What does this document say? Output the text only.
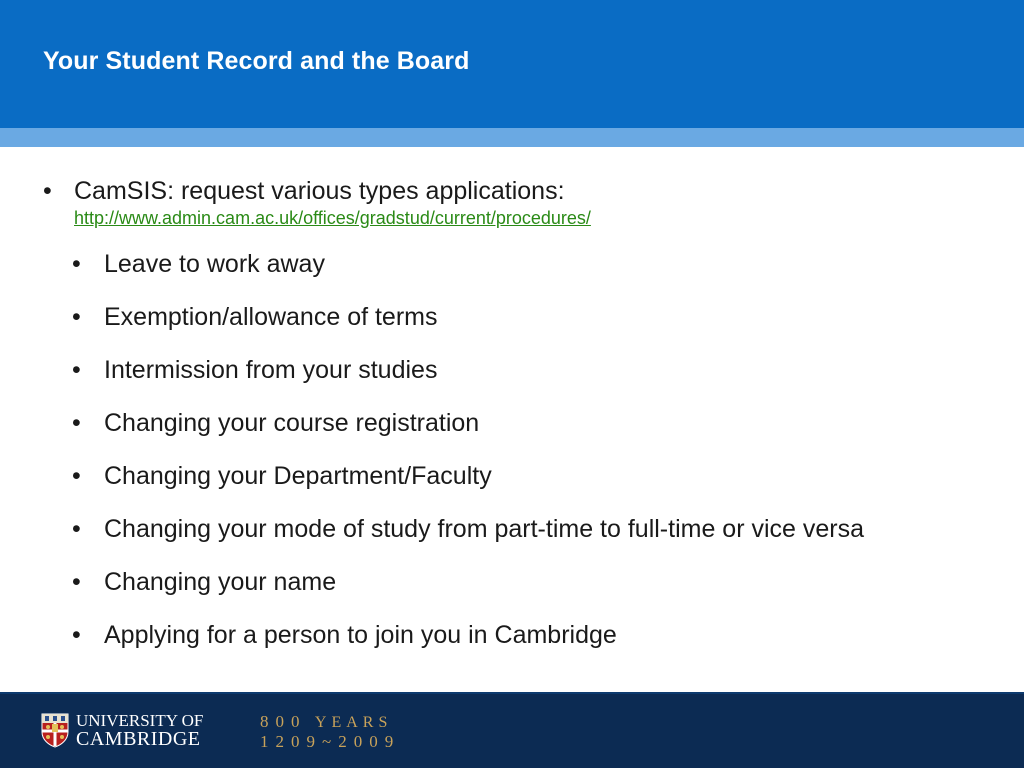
Your Student Record and the Board
• CamSIS: request various types applications:
http://www.admin.cam.ac.uk/offices/gradstud/current/procedures/
• Leave to work away
• Exemption/allowance of terms
• Intermission from your studies
• Changing your course registration
• Changing your Department/Faculty
• Changing your mode of study from part-time to full-time or vice versa
• Changing your name
• Applying for a person to join you in Cambridge
UNIVERSITY OF
CAMBRIDGE
800 YEARS
1209~2009
